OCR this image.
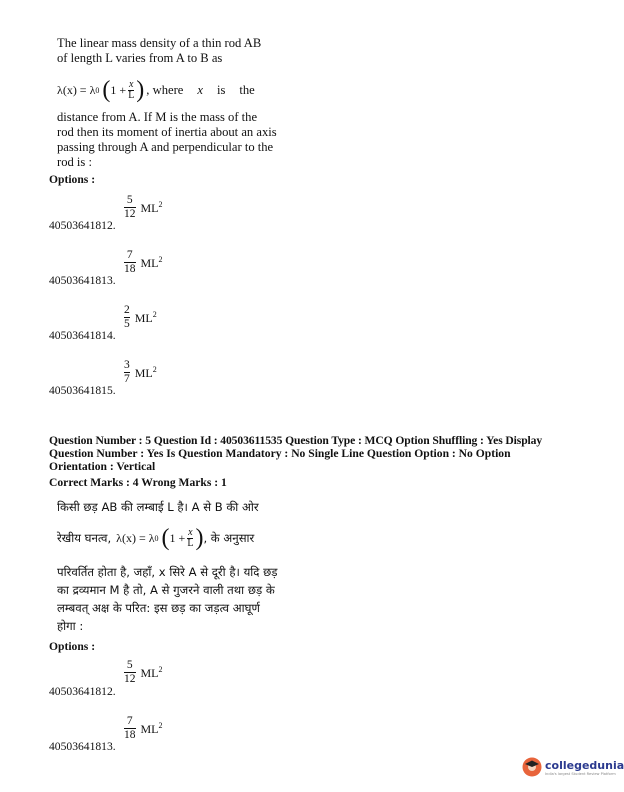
The linear mass density of a thin rod AB
of length L varies from A to B as
λ(x) = λ 0 ( 1 + x
L ) , where x is the
distance from A. If M is the mass of the
rod then its moment of inertia about an axis
passing through A and perpendicular to the
rod is :
Options :
$\frac{5}{12} ML^2$
40503641812.
$\frac{7}{18} ML^2$
40503641813.
$\frac{2}{5} ML^2$
40503641814.
$\frac{3}{7} ML^2$
40503641815.
Question Number : 5 Question Id : 40503611535 Question Type : MCQ Option Shuffling : Yes Display
Question Number : Yes Is Question Mandatory : No Single Line Question Option : No Option
Orientation : Vertical
Correct Marks : 4 Wrong Marks : 1
किसी छड़ AB की लम्बाई L है। A से B की ओर
रेखीय घनत्व, λ(x) = λ 0 ( 1 + x
L ) , के अनुसार
परिवर्तित होता है, जहाँ, x सिरे A से दूरी है। यदि छड़
का द्रव्यमान M है तो, A से गुजरने वाली तथा छड़ के
लम्बवत् अक्ष के परित: इस छड़ का जड़त्व आघूर्ण
होगा :
Options :
$\frac{5}{12} ML^2$
40503641812.
$\frac{7}{18} ML^2$
40503641813.
collegedunia
India's largest Student Review Platform
